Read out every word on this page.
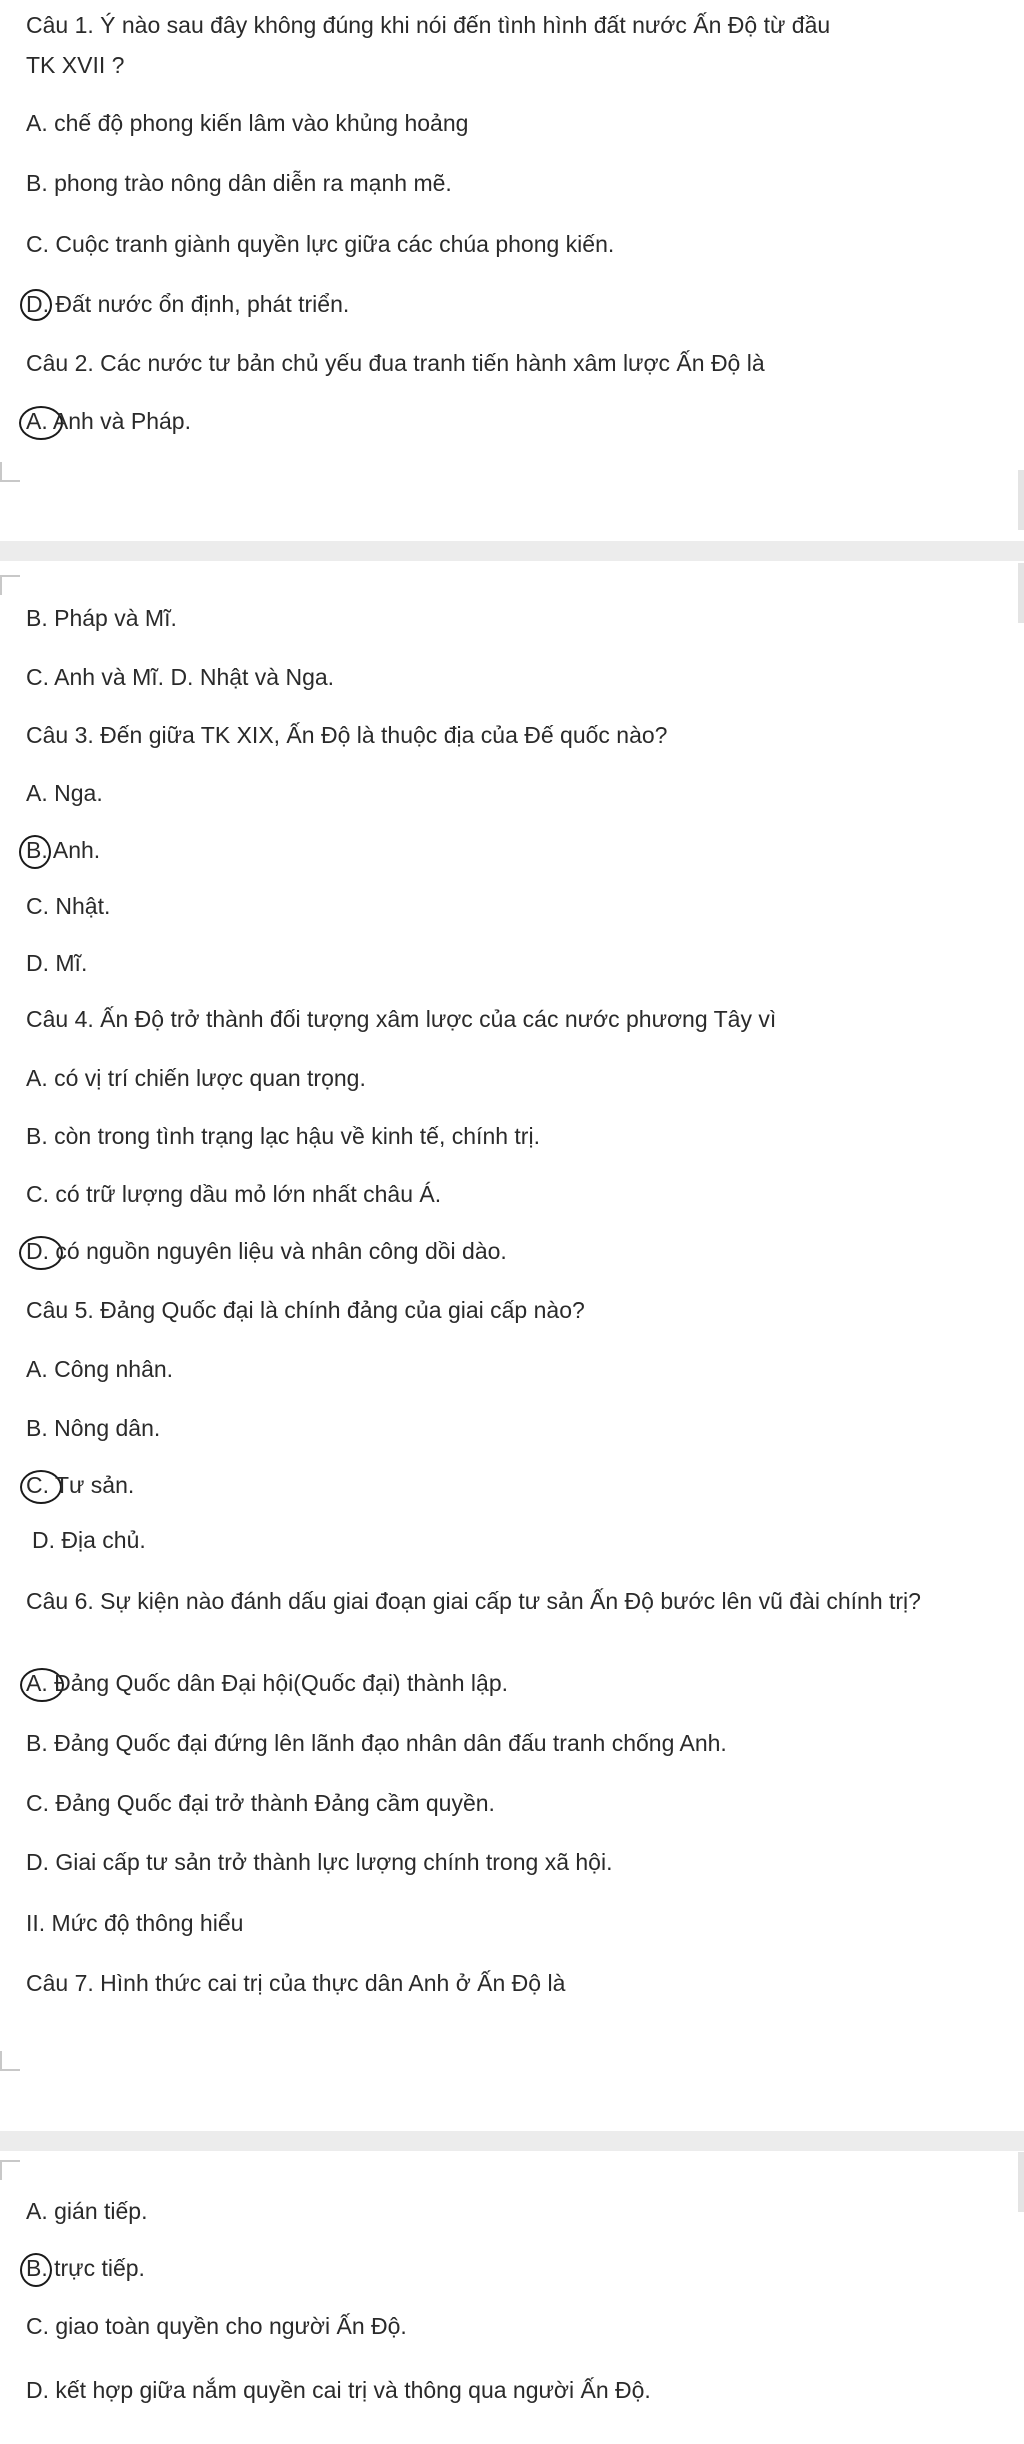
Câu 1. Ý nào sau đây không đúng khi nói đến tình hình đất nước Ấn Độ từ đầu
TK XVII ?
A. chế độ phong kiến lâm vào khủng hoảng
B. phong trào nông dân diễn ra mạnh mẽ.
C. Cuộc tranh giành quyền lực giữa các chúa phong kiến.
D. Đất nước ổn định, phát triển.
Câu 2. Các nước tư bản chủ yếu đua tranh tiến hành xâm lược Ấn Độ là
A. Anh và Pháp.
B. Pháp và Mĩ.
C. Anh và Mĩ. D. Nhật và Nga.
Câu 3. Đến giữa TK XIX, Ấn Độ là thuộc địa của Đế quốc nào?
A. Nga.
B. Anh.
C. Nhật.
D. Mĩ.
Câu 4. Ấn Độ trở thành đối tượng xâm lược của các nước phương Tây vì
A. có vị trí chiến lược quan trọng.
B. còn trong tình trạng lạc hậu về kinh tế, chính trị.
C. có trữ lượng dầu mỏ lớn nhất châu Á.
D. có nguồn nguyên liệu và nhân công dồi dào.
Câu 5. Đảng Quốc đại là chính đảng của giai cấp nào?
A. Công nhân.
B. Nông dân.
C. Tư sản.
D. Địa chủ.
Câu 6. Sự kiện nào đánh dấu giai đoạn giai cấp tư sản Ấn Độ bước lên vũ đài chính trị?
A. Đảng Quốc dân Đại hội(Quốc đại) thành lập.
B. Đảng Quốc đại đứng lên lãnh đạo nhân dân đấu tranh chống Anh.
C. Đảng Quốc đại trở thành Đảng cầm quyền.
D. Giai cấp tư sản trở thành lực lượng chính trong xã hội.
II. Mức độ thông hiểu
Câu 7. Hình thức cai trị của thực dân Anh ở Ấn Độ là
A. gián tiếp.
B. trực tiếp.
C. giao toàn quyền cho người Ấn Độ.
D. kết hợp giữa nắm quyền cai trị và thông qua người Ấn Độ.
